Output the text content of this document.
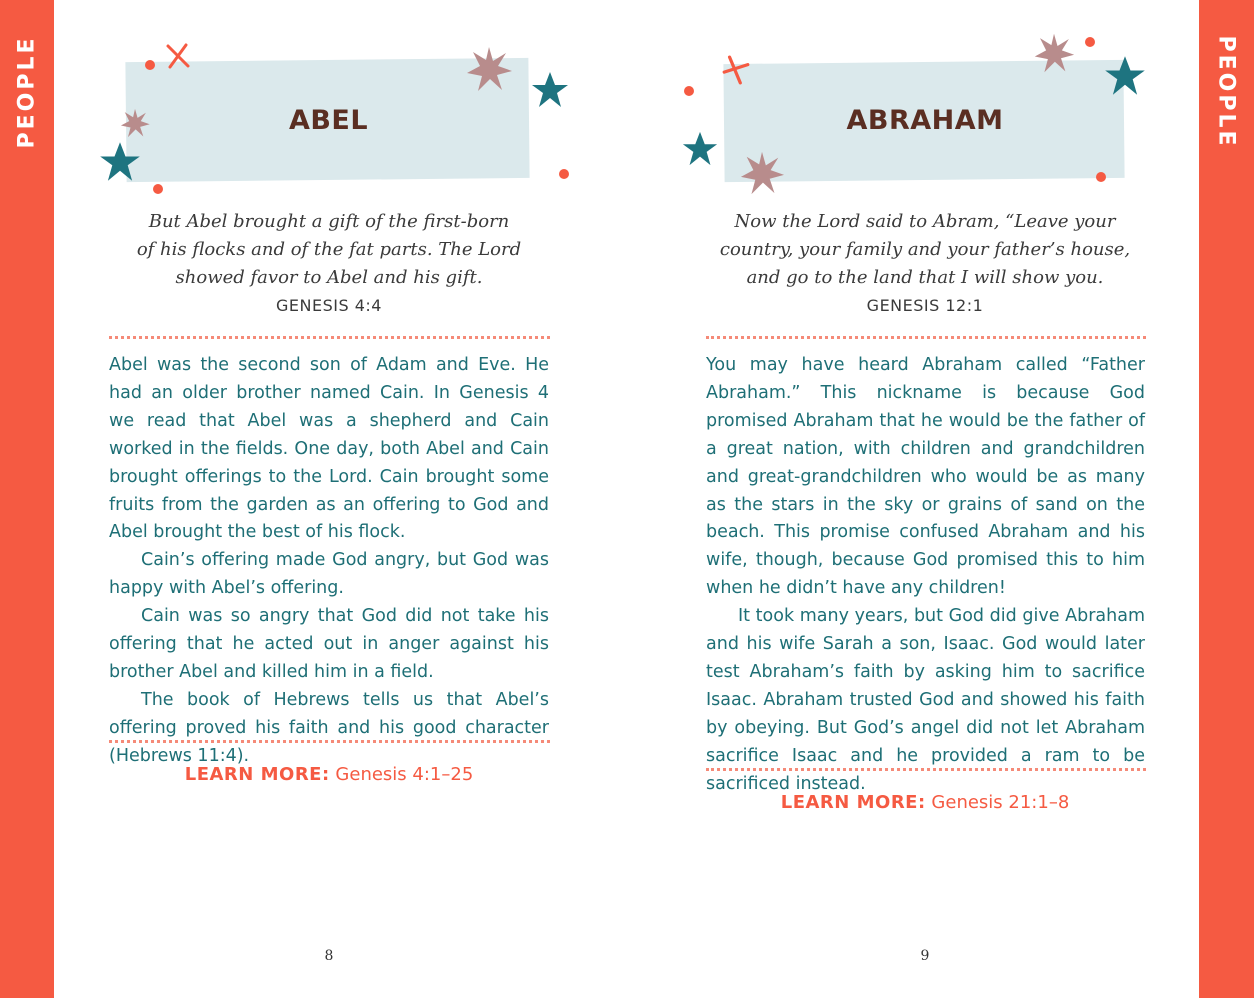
PEOPLE	PEOPLE
ABEL
But Abel brought a gift of the first-born
of his flocks and of the fat parts. The Lord
showed favor to Abel and his gift.
GENESIS 4:4

Abel was the second son of Adam and Eve. He had an older brother named Cain. In Genesis 4 we read that Abel was a shepherd and Cain worked in the fields. One day, both Abel and Cain brought offerings to the Lord. Cain brought some fruits from the garden as an offering to God and Abel brought the best of his flock.

Cain’s offering made God angry, but God was happy with Abel’s offering.

Cain was so angry that God did not take his offering that he acted out in anger against his brother Abel and killed him in a field.

The book of Hebrews tells us that Abel’s offering proved his faith and his good character (Hebrews 11:4).

LEARN MORE: Genesis 4:1–25
8
ABRAHAM
Now the Lord said to Abram, “Leave your
country, your family and your father’s house,
and go to the land that I will show you.
GENESIS 12:1

You may have heard Abraham called “Father Abraham.” This nickname is because God promised Abraham that he would be the father of a great nation, with children and grandchildren and great-grandchildren who would be as many as the stars in the sky or grains of sand on the beach. This promise confused Abraham and his wife, though, because God promised this to him when he didn’t have any children!

It took many years, but God did give Abraham and his wife Sarah a son, Isaac. God would later test Abraham’s faith by asking him to sacrifice Isaac. Abraham trusted God and showed his faith by obeying. But God’s angel did not let Abraham sacrifice Isaac and he provided a ram to be sacrificed instead.

LEARN MORE: Genesis 21:1–8
9
